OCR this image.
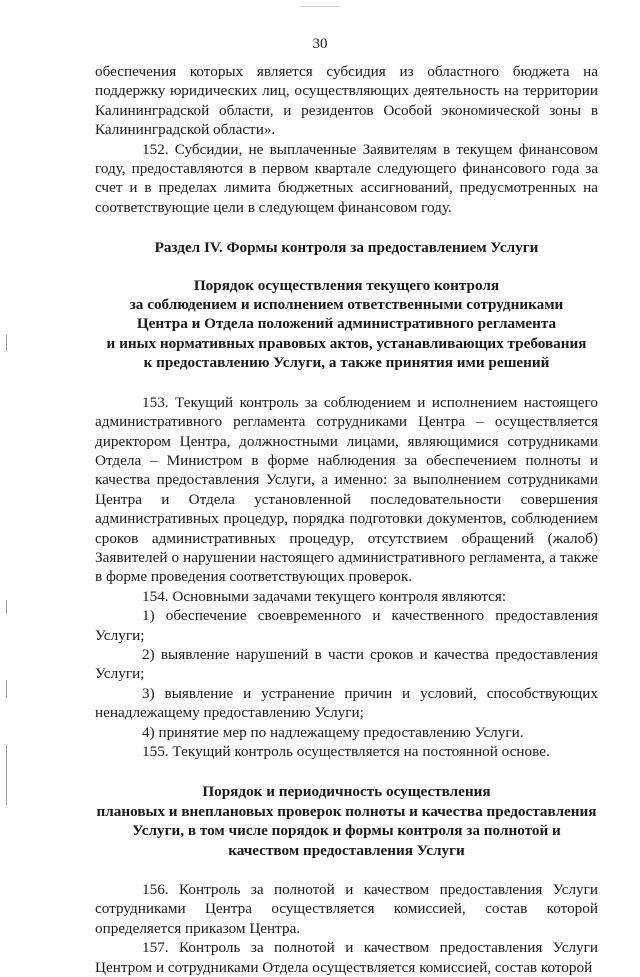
30

обеспечения которых является субсидия из областного бюджета на поддержку юридических лиц, осуществляющих деятельность на территории Калининградской области, и резидентов Особой экономической зоны в Калининградской области».

152. Субсидии, не выплаченные Заявителям в текущем финансовом году, предоставляются в первом квартале следующего финансового года за счет и в пределах лимита бюджетных ассигнований, предусмотренных на соответствующие цели в следующем финансовом году.

Раздел IV. Формы контроля за предоставлением Услуги
Порядок осуществления текущего контроля
за соблюдением и исполнением ответственными сотрудниками
Центра и Отдела положений административного регламента
и иных нормативных правовых актов, устанавливающих требования
к предоставлению Услуги, а также принятия ими решений

153. Текущий контроль за соблюдением и исполнением настоящего административного регламента сотрудниками Центра – осуществляется директором Центра, должностными лицами, являющимися сотрудниками Отдела – Министром в форме наблюдения за обеспечением полноты и качества предоставления Услуги, а именно: за выполнением сотрудниками Центра и Отдела установленной последовательности совершения административных процедур, порядка подготовки документов, соблюдением сроков административных процедур, отсутствием обращений (жалоб) Заявителей о нарушении настоящего административного регламента, а также в форме проведения соответствующих проверок.

154. Основными задачами текущего контроля являются:

1) обеспечение своевременного и качественного предоставления Услуги;

2) выявление нарушений в части сроков и качества предоставления Услуги;

3) выявление и устранение причин и условий, способствующих ненадлежащему предоставлению Услуги;

4) принятие мер по надлежащему предоставлению Услуги.

155. Текущий контроль осуществляется на постоянной основе.

Порядок и периодичность осуществления
плановых и внеплановых проверок полноты и качества предоставления
Услуги, в том числе порядок и формы контроля за полнотой и
качеством предоставления Услуги

156. Контроль за полнотой и качеством предоставления Услуги сотрудниками Центра осуществляется комиссией, состав которой определяется приказом Центра.

157. Контроль за полнотой и качеством предоставления Услуги Центром и сотрудниками Отдела осуществляется комиссией, состав которой
